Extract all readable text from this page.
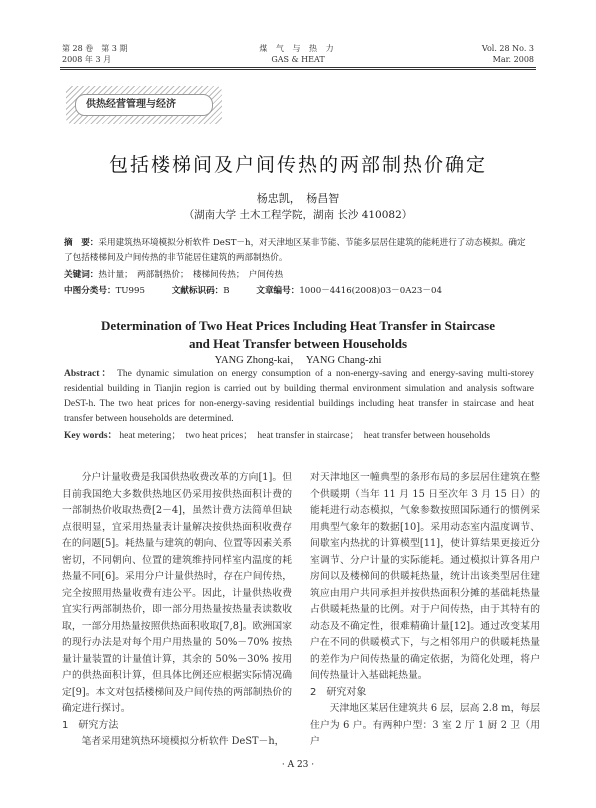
第 28 卷　第 3 期
2008 年 3 月
煤 气 与 热 力
GAS & HEAT
Vol. 28 No. 3
Mar. 2008
供热经营管理与经济
包括楼梯间及户间传热的两部制热价确定
杨忠凯，　杨昌智
（湖南大学 土木工程学院，湖南 长沙 410082）
摘　要：采用建筑热环境模拟分析软件 DeST－h，对天津地区某非节能、节能多层居住建筑的能耗进行了动态模拟。确定了包括楼梯间及户间传热的非节能居住建筑的两部制热价。
关键词：热计量；　两部制热价；　楼梯间传热；　户间传热
中图分类号：TU995	文献标识码：B	文章编号：1000－4416(2008)03－0A23－04
Determination of Two Heat Prices Including Heat Transfer in Staircase
and Heat Transfer between Households
YANG Zhong-kai，　YANG Chang-zhi
Abstract： The dynamic simulation on energy consumption of a non-energy-saving and energy-saving multi-storey residential building in Tianjin region is carried out by building thermal environment simulation and analysis software DeST-h. The two heat prices for non-energy-saving residential buildings including heat transfer in staircase and heat transfer between households are determined.
Key words： heat metering；　two heat prices；　heat transfer in staircase；　heat transfer between households

分户计量收费是我国供热收费改革的方向[1]。但目前我国绝大多数供热地区仍采用按供热面积计费的一部制热价收取热费[2－4]，虽然计费方法简单但缺点很明显，宜采用热量表计量解决按供热面积收费存在的问题[5]。耗热量与建筑的朝向、位置等因素关系密切，不同朝向、位置的建筑维持同样室内温度的耗热量不同[6]。采用分户计量供热时，存在户间传热，完全按照用热量收费有违公平。因此，计量供热收费宜实行两部制热价，即一部分用热量按热量表读数收取，一部分用热量按照供热面积收取[7,8]。欧洲国家的现行办法是对每个用户用热量的 50%－70% 按热量计量装置的计量值计算，其余的 50%－30% 按用户的供热面积计算，但具体比例还应根据实际情况确定[9]。本文对包括楼梯间及户间传热的两部制热价的确定进行探讨。

1　研究方法

笔者采用建筑热环境模拟分析软件 DeST－h，

对天津地区一幢典型的条形布局的多层居住建筑在整个供暖期（当年 11 月 15 日至次年 3 月 15 日）的能耗进行动态模拟，气象参数按照国际通行的惯例采用典型气象年的数据[10]。采用动态室内温度调节、间歇室内热扰的计算模型[11]，使计算结果更接近分室调节、分户计量的实际能耗。通过模拟计算各用户房间以及楼梯间的供暖耗热量，统计出该类型居住建筑应由用户共同承担并按供热面积分摊的基础耗热量占供暖耗热量的比例。对于户间传热，由于其特有的动态及不确定性，很难精确计量[12]。通过改变某用户在不同的供暖模式下，与之相邻用户的供暖耗热量的差作为户间传热量的确定依据，为简化处理，将户间传热量计入基础耗热量。

2　研究对象

天津地区某居住建筑共 6 层，层高 2.8 m，每层住户为 6 户。有两种户型：3 室 2 厅 1 厨 2 卫（用户

· A 23 ·
